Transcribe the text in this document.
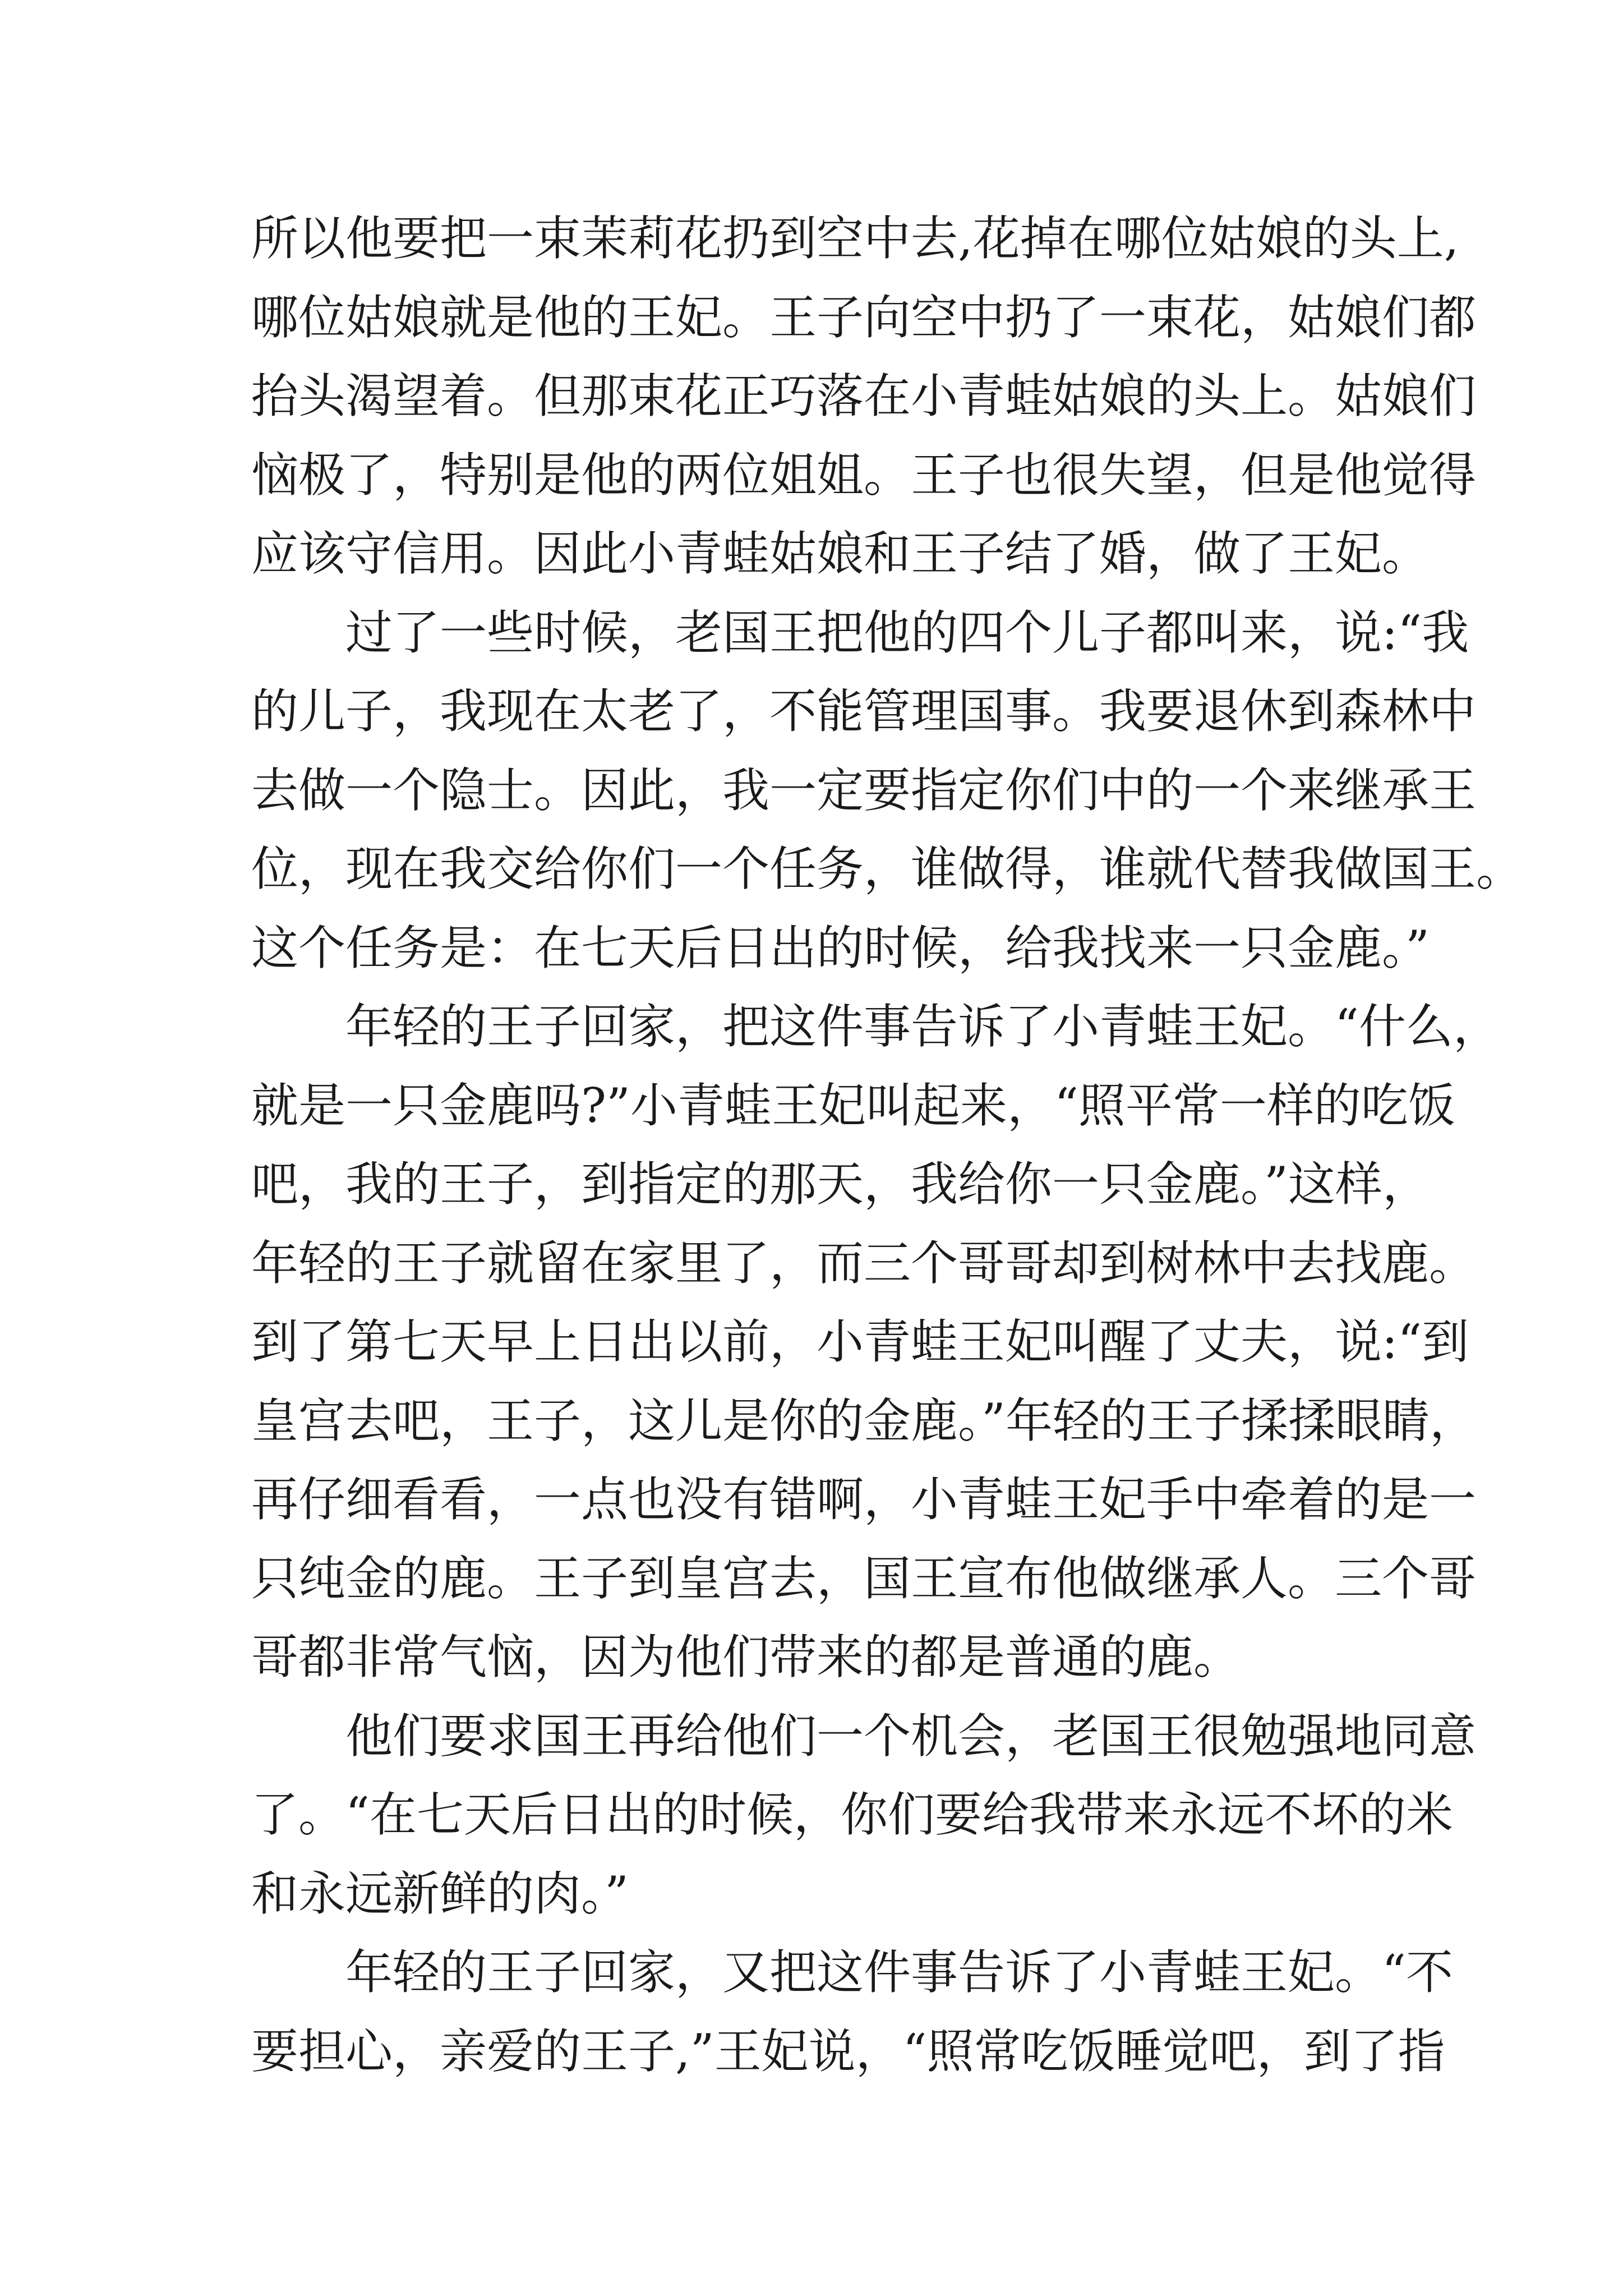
所以他要把一束茉莉花扔到空中去,花掉在哪位姑娘的头上,
哪位姑娘就是他的王妃。王子向空中扔了一束花，姑娘们都
抬头渴望着。但那束花正巧落在小青蛙姑娘的头上。姑娘们
恼极了，特别是他的两位姐姐。王子也很失望，但是他觉得
应该守信用。因此小青蛙姑娘和王子结了婚，做了王妃。
过了一些时候，老国王把他的四个儿子都叫来，说:“我
的儿子，我现在太老了，不能管理国事。我要退休到森林中
去做一个隐士。因此，我一定要指定你们中的一个来继承王
位，现在我交给你们一个任务，谁做得，谁就代替我做国王。
这个任务是：在七天后日出的时候，给我找来一只金鹿。”
年轻的王子回家，把这件事告诉了小青蛙王妃。“什么，
就是一只金鹿吗?”小青蛙王妃叫起来，“照平常一样的吃饭
吧，我的王子，到指定的那天，我给你一只金鹿。”这样，
年轻的王子就留在家里了，而三个哥哥却到树林中去找鹿。
到了第七天早上日出以前，小青蛙王妃叫醒了丈夫，说:“到
皇宫去吧，王子，这儿是你的金鹿。”年轻的王子揉揉眼睛，
再仔细看看，一点也没有错啊，小青蛙王妃手中牵着的是一
只纯金的鹿。王子到皇宫去，国王宣布他做继承人。三个哥
哥都非常气恼，因为他们带来的都是普通的鹿。
他们要求国王再给他们一个机会，老国王很勉强地同意
了。“在七天后日出的时候，你们要给我带来永远不坏的米
和永远新鲜的肉。”
年轻的王子回家，又把这件事告诉了小青蛙王妃。“不
要担心，亲爱的王子,”王妃说，“照常吃饭睡觉吧，到了指
